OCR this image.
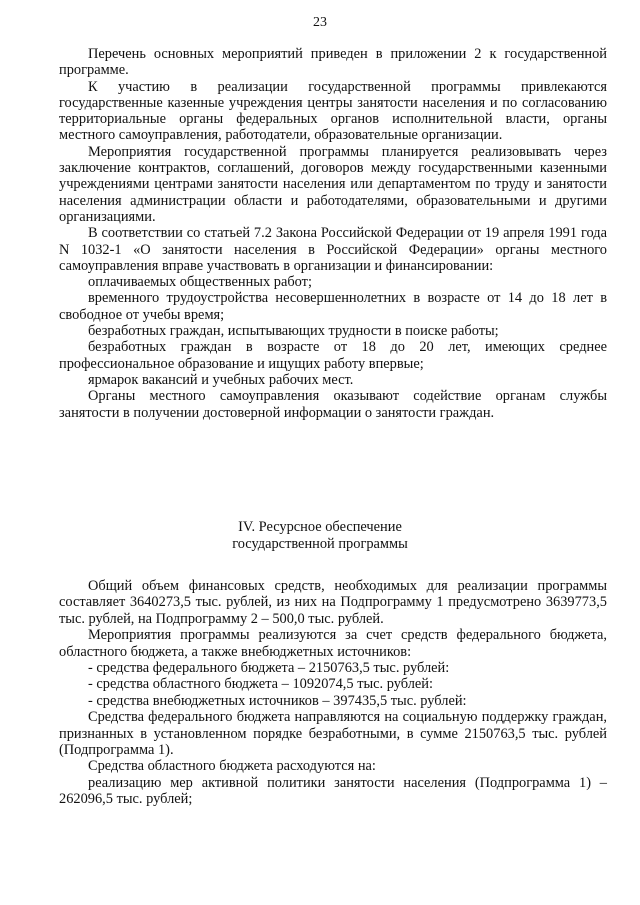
23

Перечень основных мероприятий приведен в приложении 2 к государственной программе.

К участию в реализации государственной программы привлекаются государственные казенные учреждения центры занятости населения и по согласованию территориальные органы федеральных органов исполнительной власти, органы местного самоуправления, работодатели, образовательные организации.

Мероприятия государственной программы планируется реализовывать через заключение контрактов, соглашений, договоров между государственными казенными учреждениями центрами занятости населения или департаментом по труду и занятости населения администрации области и работодателями, образовательными и другими организациями.

В соответствии со статьей 7.2 Закона Российской Федерации от 19 апреля 1991 года N 1032-1 «О занятости населения в Российской Федерации» органы местного самоуправления вправе участвовать в организации и финансировании:

оплачиваемых общественных работ;

временного трудоустройства несовершеннолетних в возрасте от 14 до 18 лет в свободное от учебы время;

безработных граждан, испытывающих трудности в поиске работы;

безработных граждан в возрасте от 18 до 20 лет, имеющих среднее профессиональное образование и ищущих работу впервые;

ярмарок вакансий и учебных рабочих мест.

Органы местного самоуправления оказывают содействие органам службы занятости в получении достоверной информации о занятости граждан.

IV. Ресурсное обеспечение
государственной программы

Общий объем финансовых средств, необходимых для реализации программы составляет 3640273,5 тыс. рублей, из них на Подпрограмму 1 предусмотрено 3639773,5 тыс. рублей, на Подпрограмму 2 – 500,0 тыс. рублей.

Мероприятия программы реализуются за счет средств федерального бюджета, областного бюджета, а также внебюджетных источников:

- средства федерального бюджета – 2150763,5 тыс. рублей:

- средства областного бюджета – 1092074,5 тыс. рублей:

- средства внебюджетных источников – 397435,5 тыс. рублей:

Средства федерального бюджета направляются на социальную поддержку граждан, признанных в установленном порядке безработными, в сумме 2150763,5 тыс. рублей (Подпрограмма 1).

Средства областного бюджета расходуются на:

реализацию мер активной политики занятости населения (Подпрограмма 1) – 262096,5 тыс. рублей;
